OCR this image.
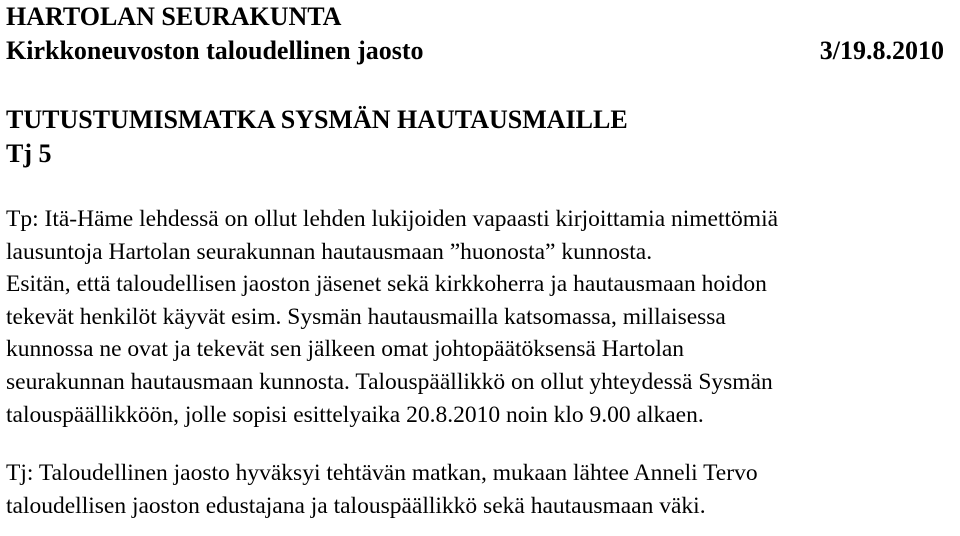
HARTOLAN SEURAKUNTA
Kirkkoneuvoston taloudellinen jaosto	3/19.8.2010
TUTUSTUMISMATKA SYSMÄN HAUTAUSMAILLE
Tj 5
Tp: Itä-Häme lehdessä on ollut lehden lukijoiden vapaasti kirjoittamia nimettömiä
lausuntoja Hartolan seurakunnan hautausmaan ”huonosta” kunnosta.
Esitän, että taloudellisen jaoston jäsenet sekä kirkkoherra ja hautausmaan hoidon
tekevät henkilöt käyvät esim. Sysmän hautausmailla katsomassa, millaisessa
kunnossa ne ovat ja tekevät sen jälkeen omat johtopäätöksensä Hartolan
seurakunnan hautausmaan kunnosta. Talouspäällikkö on ollut yhteydessä Sysmän
talouspäällikköön, jolle sopisi esittelyaika 20.8.2010 noin klo 9.00 alkaen.
Tj: Taloudellinen jaosto hyväksyi tehtävän matkan, mukaan lähtee Anneli Tervo
taloudellisen jaoston edustajana ja talouspäällikkö sekä hautausmaan väki.
